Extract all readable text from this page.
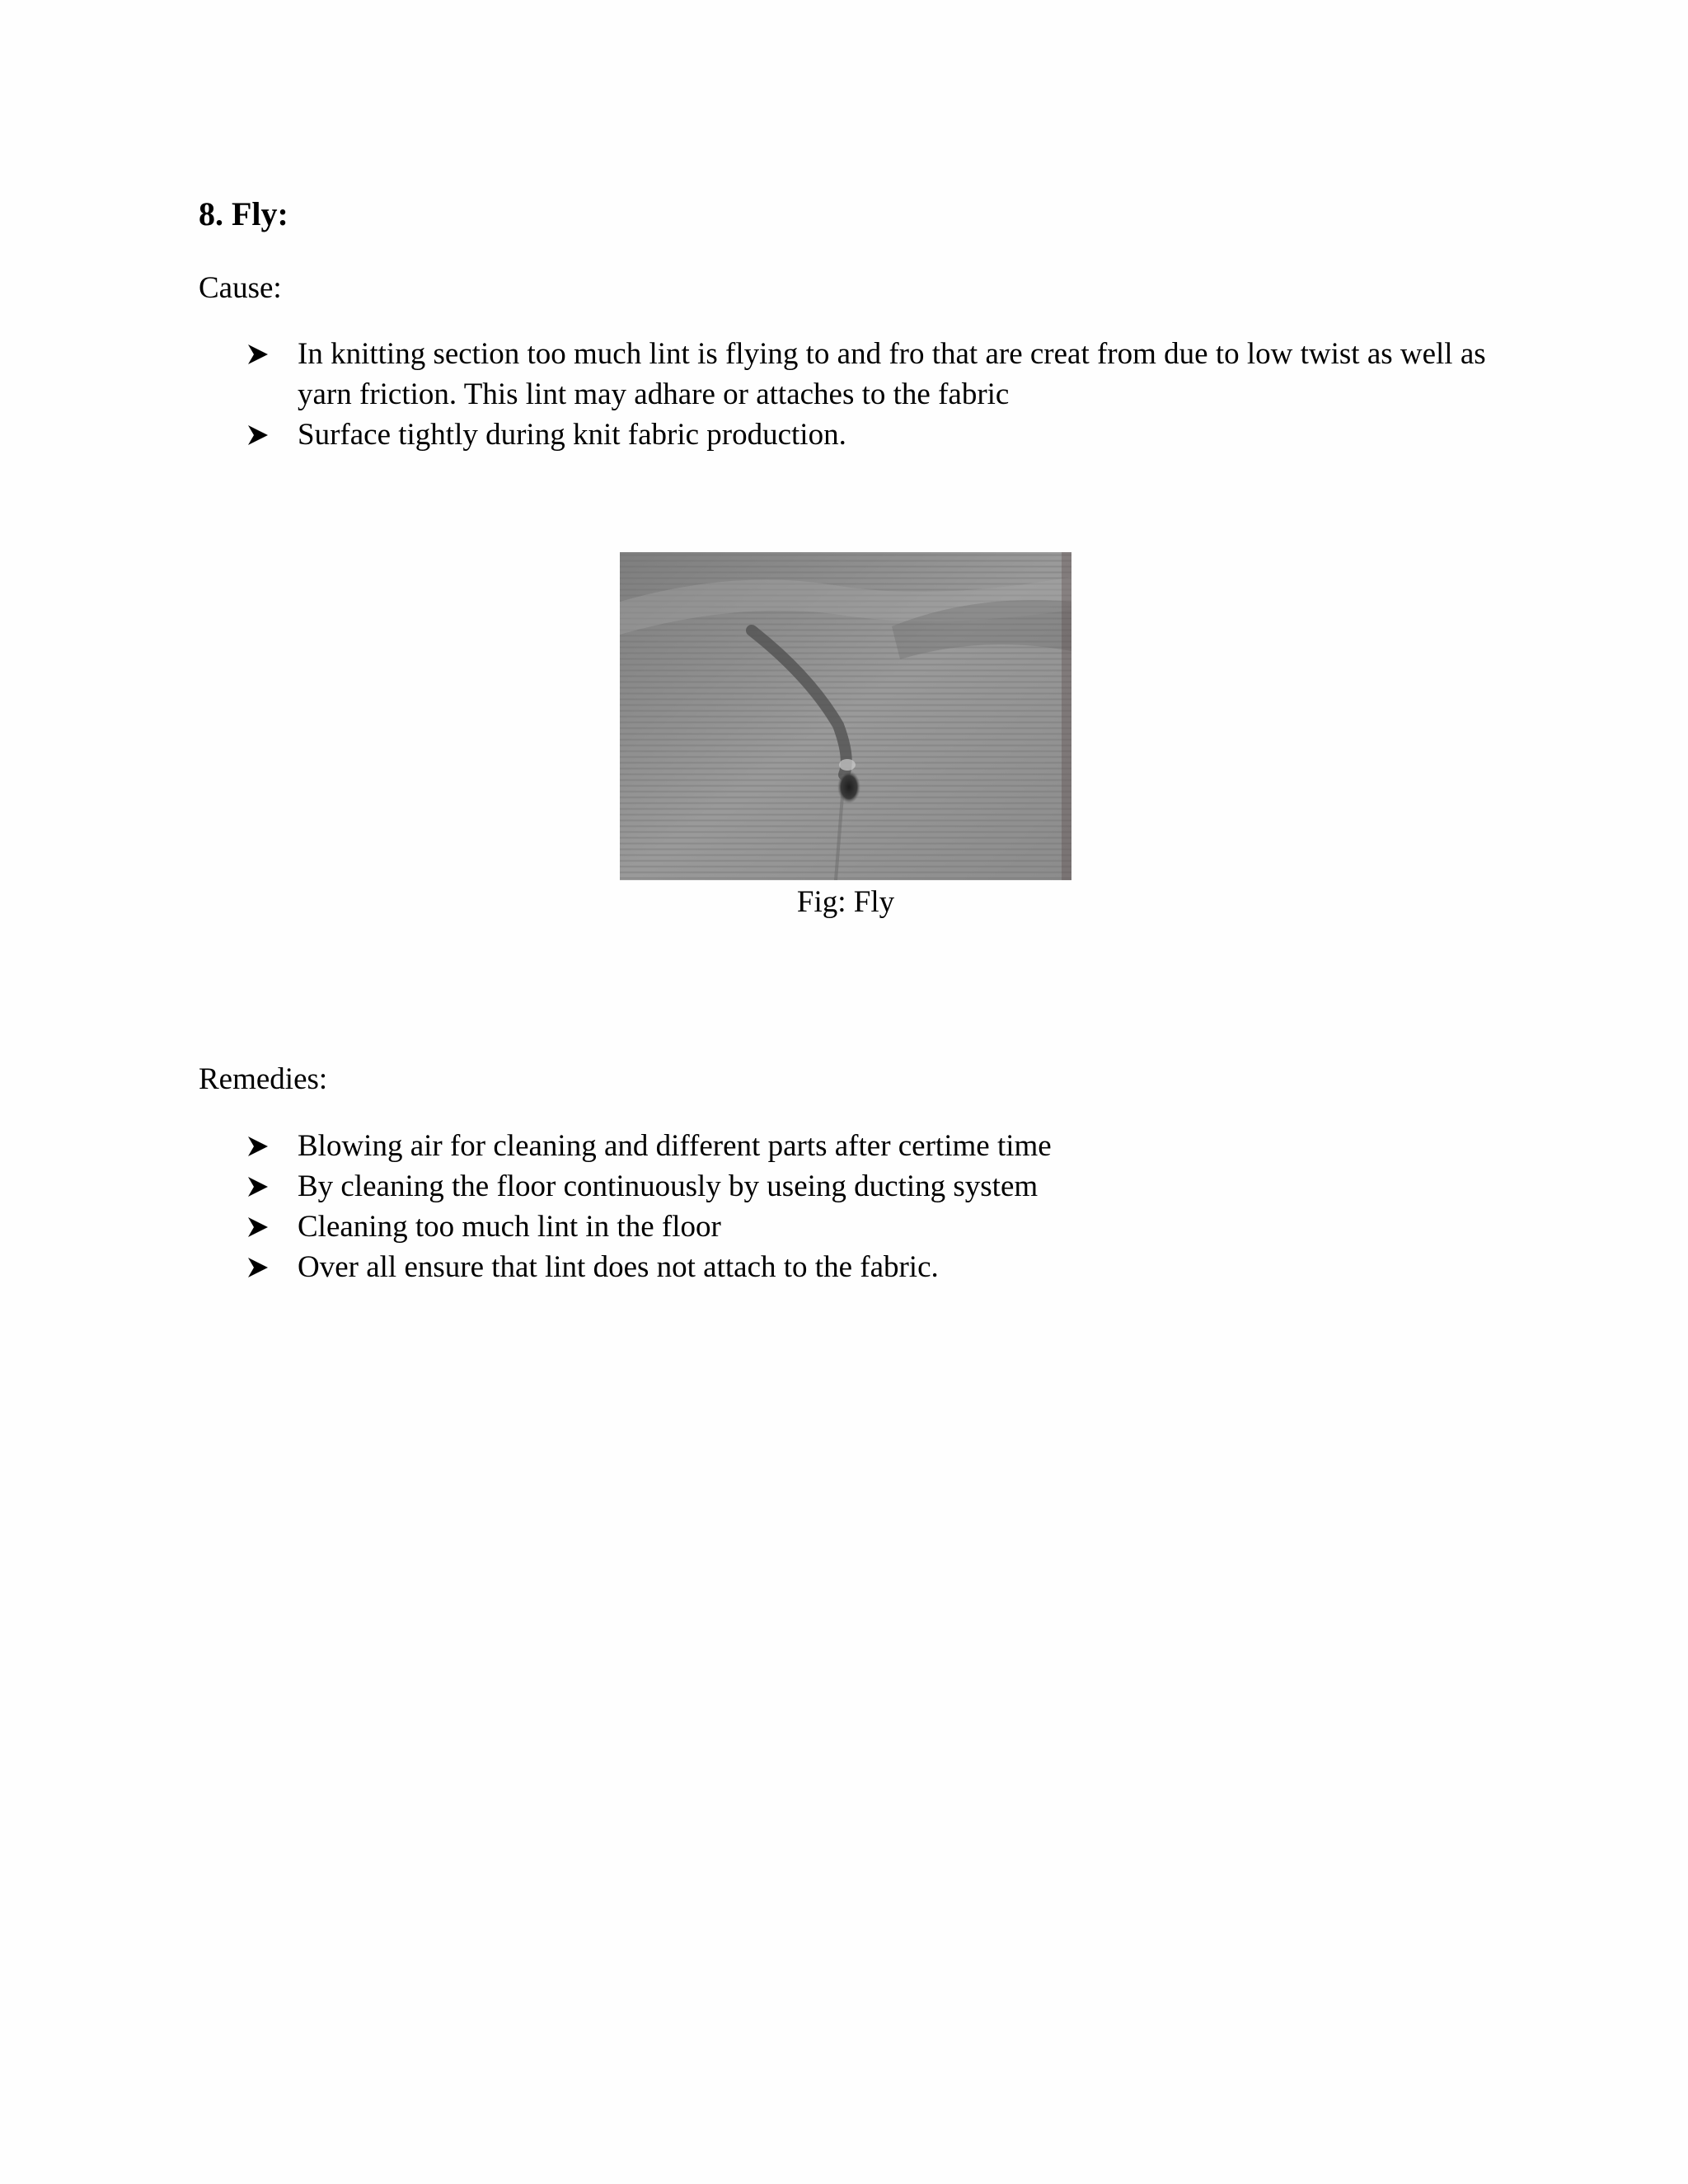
8. Fly:
Cause:
In knitting section too much lint is flying to and fro that are creat from due to low twist as well as yarn friction. This lint may adhare or attaches to the fabric
Surface tightly during knit fabric production.
Fig: Fly
Remedies:
Blowing air for cleaning and different parts after certime time
By cleaning the floor continuously by useing ducting system
Cleaning too much lint in the floor
Over all ensure that lint does not attach to the fabric.
